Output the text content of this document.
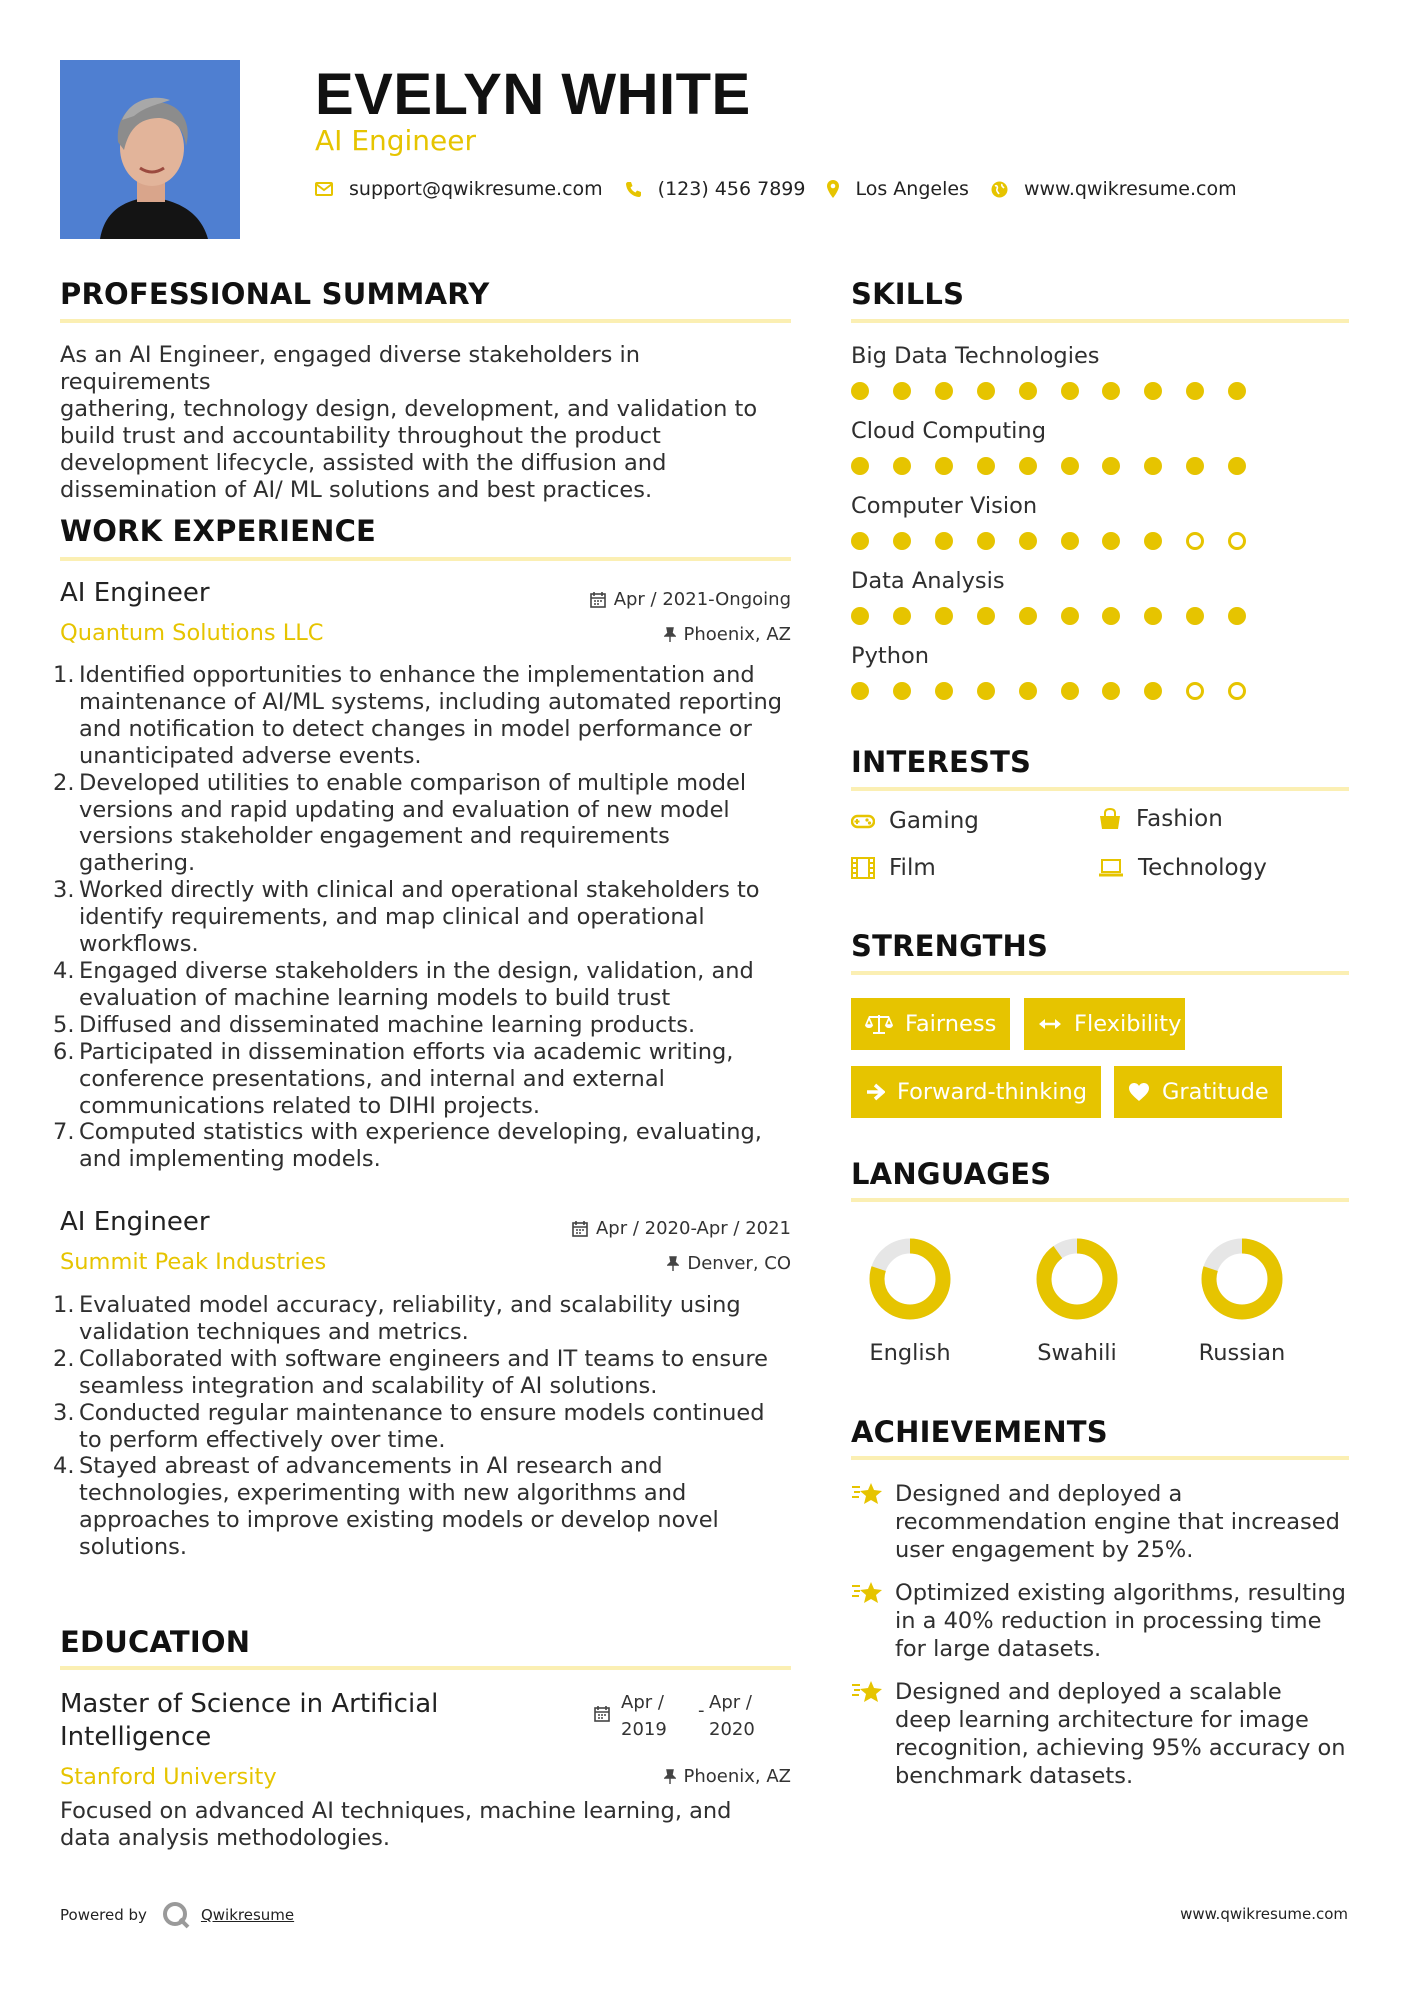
EVELYN WHITE
AI Engineer
support@qwikresume.com	(123) 456 7899	Los Angeles	www.qwikresume.com
PROFESSIONAL SUMMARY
As an AI Engineer, engaged diverse stakeholders in requirements
gathering, technology design, development, and validation to
build trust and accountability throughout the product
development lifecycle, assisted with the diffusion and
dissemination of AI/ ML solutions and best practices.
WORK EXPERIENCE
AI Engineer	Apr / 2021-Ongoing
Quantum Solutions LLC	Phoenix, AZ
1. Identified opportunities to enhance the implementation and
maintenance of AI/ML systems, including automated reporting
and notification to detect changes in model performance or
unanticipated adverse events.
2. Developed utilities to enable comparison of multiple model
versions and rapid updating and evaluation of new model
versions stakeholder engagement and requirements
gathering.
3. Worked directly with clinical and operational stakeholders to
identify requirements, and map clinical and operational
workflows.
4. Engaged diverse stakeholders in the design, validation, and
evaluation of machine learning models to build trust
5. Diffused and disseminated machine learning products.
6. Participated in dissemination efforts via academic writing,
conference presentations, and internal and external
communications related to DIHI projects.
7. Computed statistics with experience developing, evaluating,
and implementing models.
AI Engineer	Apr / 2020-Apr / 2021
Summit Peak Industries	Denver, CO
1. Evaluated model accuracy, reliability, and scalability using
validation techniques and metrics.
2. Collaborated with software engineers and IT teams to ensure
seamless integration and scalability of AI solutions.
3. Conducted regular maintenance to ensure models continued
to perform effectively over time.
4. Stayed abreast of advancements in AI research and
technologies, experimenting with new algorithms and
approaches to improve existing models or develop novel
solutions.
EDUCATION
Master of Science in Artificial
Intelligence
Apr /
2019
- Apr /
2020
Stanford University	Phoenix, AZ
Focused on advanced AI techniques, machine learning, and
data analysis methodologies.
SKILLS
Big Data Technologies
Cloud Computing
Computer Vision
Data Analysis
Python
INTERESTS
Gaming	Fashion
Film	Technology
STRENGTHS
Fairness	Flexibility
Forward-thinking	Gratitude
LANGUAGES
English	Swahili	Russian
ACHIEVEMENTS
Designed and deployed a
recommendation engine that increased
user engagement by 25%.
Optimized existing algorithms, resulting
in a 40% reduction in processing time
for large datasets.
Designed and deployed a scalable
deep learning architecture for image
recognition, achieving 95% accuracy on
benchmark datasets.
Powered by	Qwikresume	www.qwikresume.com
